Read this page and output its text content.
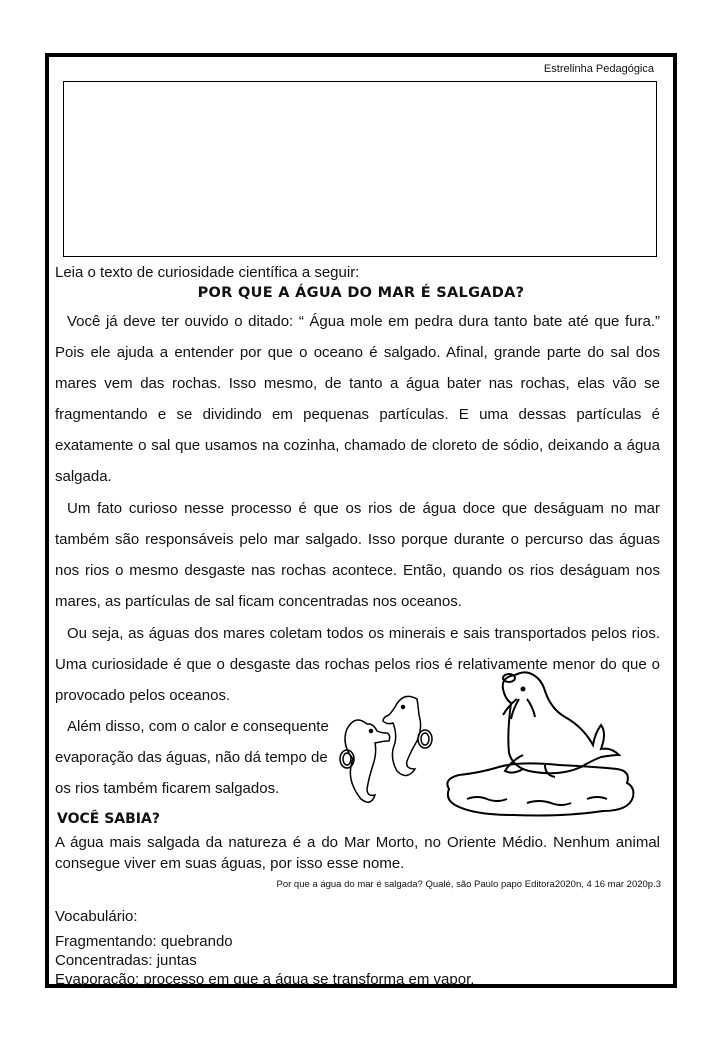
Estrelinha Pedagógica
Leia o texto de curiosidade científica a seguir:
POR QUE A ÁGUA DO MAR É SALGADA?

Você já deve ter ouvido o ditado: “ Água mole em pedra dura tanto bate até que fura.” Pois ele ajuda a entender por que o oceano é salgado. Afinal, grande parte do sal dos mares vem das rochas. Isso mesmo, de tanto a água bater nas rochas, elas vão se fragmentando e se dividindo em pequenas partículas. E uma dessas partículas é exatamente o sal que usamos na cozinha, chamado de cloreto de sódio, deixando a água salgada.

Um fato curioso nesse processo é que os rios de água doce que deságuam no mar também são responsáveis pelo mar salgado. Isso porque durante o percurso das águas nos rios o mesmo desgaste nas rochas acontece. Então, quando os rios deságuam nos mares, as partículas de sal ficam concentradas nos oceanos.

Ou seja, as águas dos mares coletam todos os minerais e sais transportados pelos rios. Uma curiosidade é que o desgaste das rochas pelos rios é relativamente menor do que o provocado pelos oceanos.

Além disso, com o calor e consequente evaporação das águas, não dá tempo de os rios também ficarem salgados.

VOCÊ SABIA?
A água mais salgada da natureza é a do Mar Morto, no Oriente Médio. Nenhum animal consegue viver em suas águas, por isso esse nome.
Por que a água do mar é salgada? Qualé, são Paulo papo Editora2020n, 4 16 mar 2020p.3
Vocabulário:
Fragmentando: quebrando
Concentradas: juntas
Evaporação: processo em que a água se transforma em vapor.
